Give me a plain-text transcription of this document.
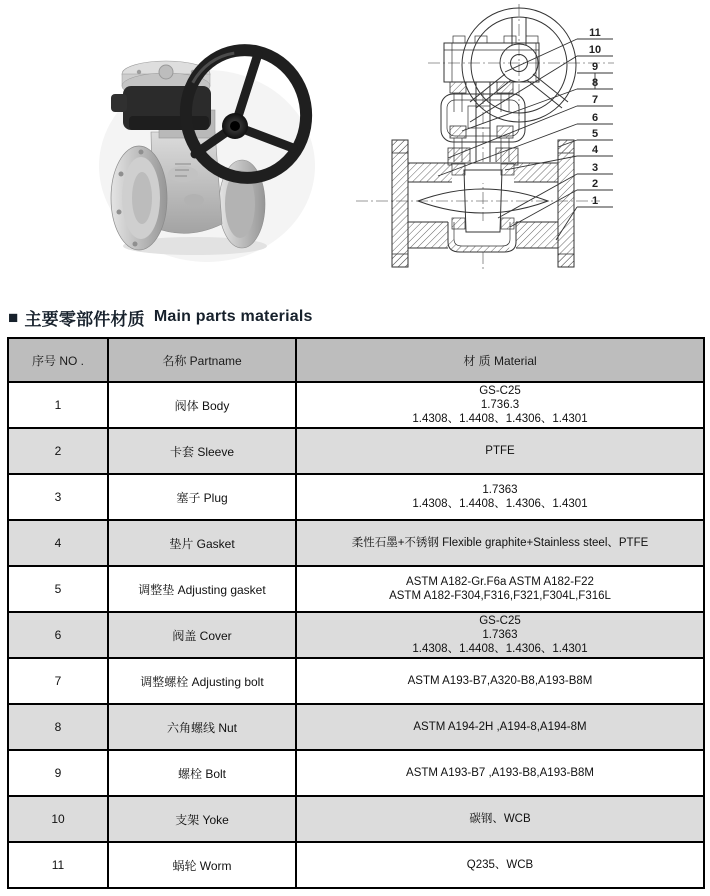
11
10
9
8
7
6
5
4
3
2
1
■ 主要零部件材质 Main parts materials
序号 NO .	名称 Partname	材 质 Material
1	阀体 Body	GS-C25
1.736.3
1.4308、1.4408、1.4306、1.4301

2	卡套 Sleeve	PTFE

3	塞子 Plug	1.7363
1.4308、1.4408、1.4306、1.4301

4	垫片 Gasket	柔性石墨+不锈钢 Flexible graphite+Stainless steel、PTFE

5	调整垫 Adjusting gasket	ASTM A182-Gr.F6a ASTM A182-F22
ASTM A182-F304,F316,F321,F304L,F316L

6	阀盖 Cover	GS-C25
1.7363
1.4308、1.4408、1.4306、1.4301

7	调整螺栓 Adjusting bolt	ASTM A193-B7,A320-B8,A193-B8M

8	六角螺线 Nut	ASTM A194-2H ,A194-8,A194-8M

9	螺栓 Bolt	ASTM A193-B7 ,A193-B8,A193-B8M

10	支架 Yoke	碳钢、WCB

11	蜗轮 Worm	Q235、WCB
